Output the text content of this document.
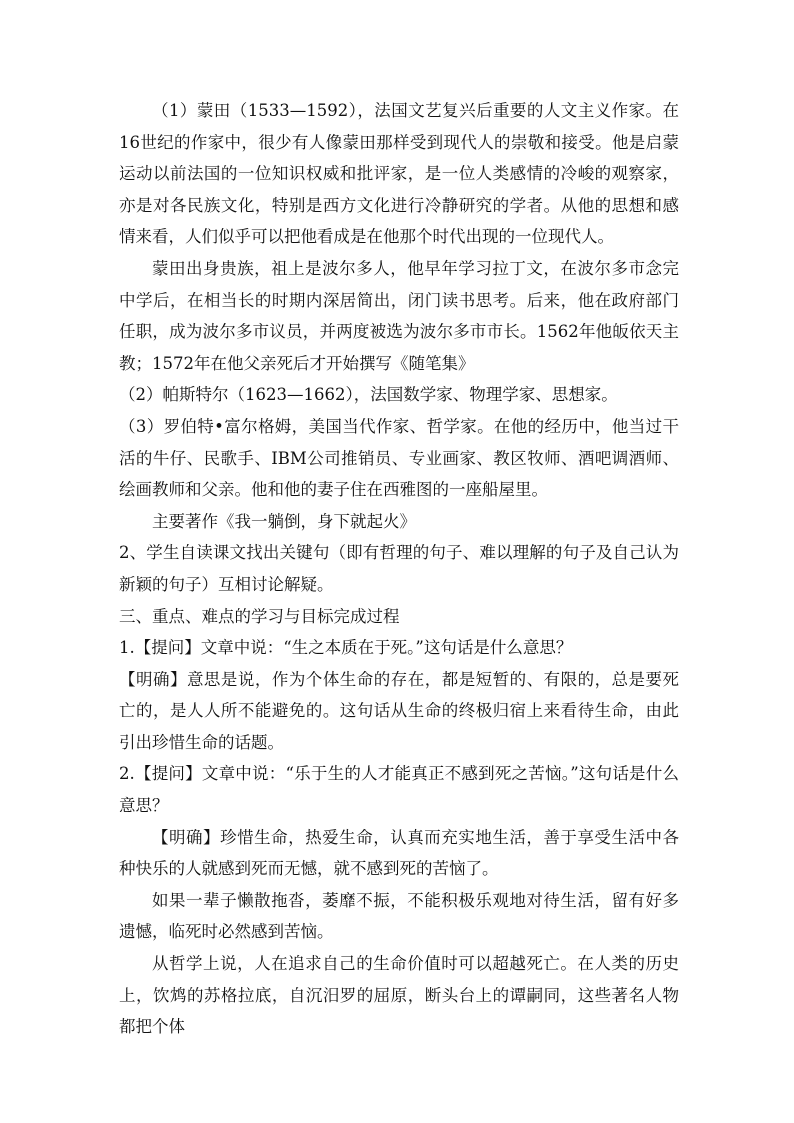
（1）蒙田（1533—1592），法国文艺复兴后重要的人文主义作家。在16世纪的作家中，很少有人像蒙田那样受到现代人的崇敬和接受。他是启蒙运动以前法国的一位知识权威和批评家，是一位人类感情的冷峻的观察家，亦是对各民族文化，特别是西方文化进行冷静研究的学者。从他的思想和感情来看，人们似乎可以把他看成是在他那个时代出现的一位现代人。

蒙田出身贵族，祖上是波尔多人，他早年学习拉丁文，在波尔多市念完中学后，在相当长的时期内深居简出，闭门读书思考。后来，他在政府部门任职，成为波尔多市议员，并两度被选为波尔多市市长。1562年他皈依天主教；1572年在他父亲死后才开始撰写《随笔集》

（2）帕斯特尔（1623—1662），法国数学家、物理学家、思想家。

（3）罗伯特•富尔格姆，美国当代作家、哲学家。在他的经历中，他当过干活的牛仔、民歌手、IBM公司推销员、专业画家、教区牧师、酒吧调酒师、绘画教师和父亲。他和他的妻子住在西雅图的一座船屋里。

主要著作《我一躺倒，身下就起火》

2、学生自读课文找出关键句（即有哲理的句子、难以理解的句子及自己认为新颖的句子）互相讨论解疑。

三、重点、难点的学习与目标完成过程

1.【提问】文章中说：“生之本质在于死。”这句话是什么意思？

【明确】意思是说，作为个体生命的存在，都是短暂的、有限的，总是要死亡的，是人人所不能避免的。这句话从生命的终极归宿上来看待生命，由此引出珍惜生命的话题。

2.【提问】文章中说：“乐于生的人才能真正不感到死之苦恼。”这句话是什么意思？

【明确】珍惜生命，热爱生命，认真而充实地生活，善于享受生活中各种快乐的人就感到死而无憾，就不感到死的苦恼了。

如果一辈子懒散拖沓，萎靡不振，不能积极乐观地对待生活，留有好多遗憾，临死时必然感到苦恼。

从哲学上说，人在追求自己的生命价值时可以超越死亡。在人类的历史上，饮鸩的苏格拉底，自沉汨罗的屈原，断头台上的谭嗣同，这些著名人物都把个体
